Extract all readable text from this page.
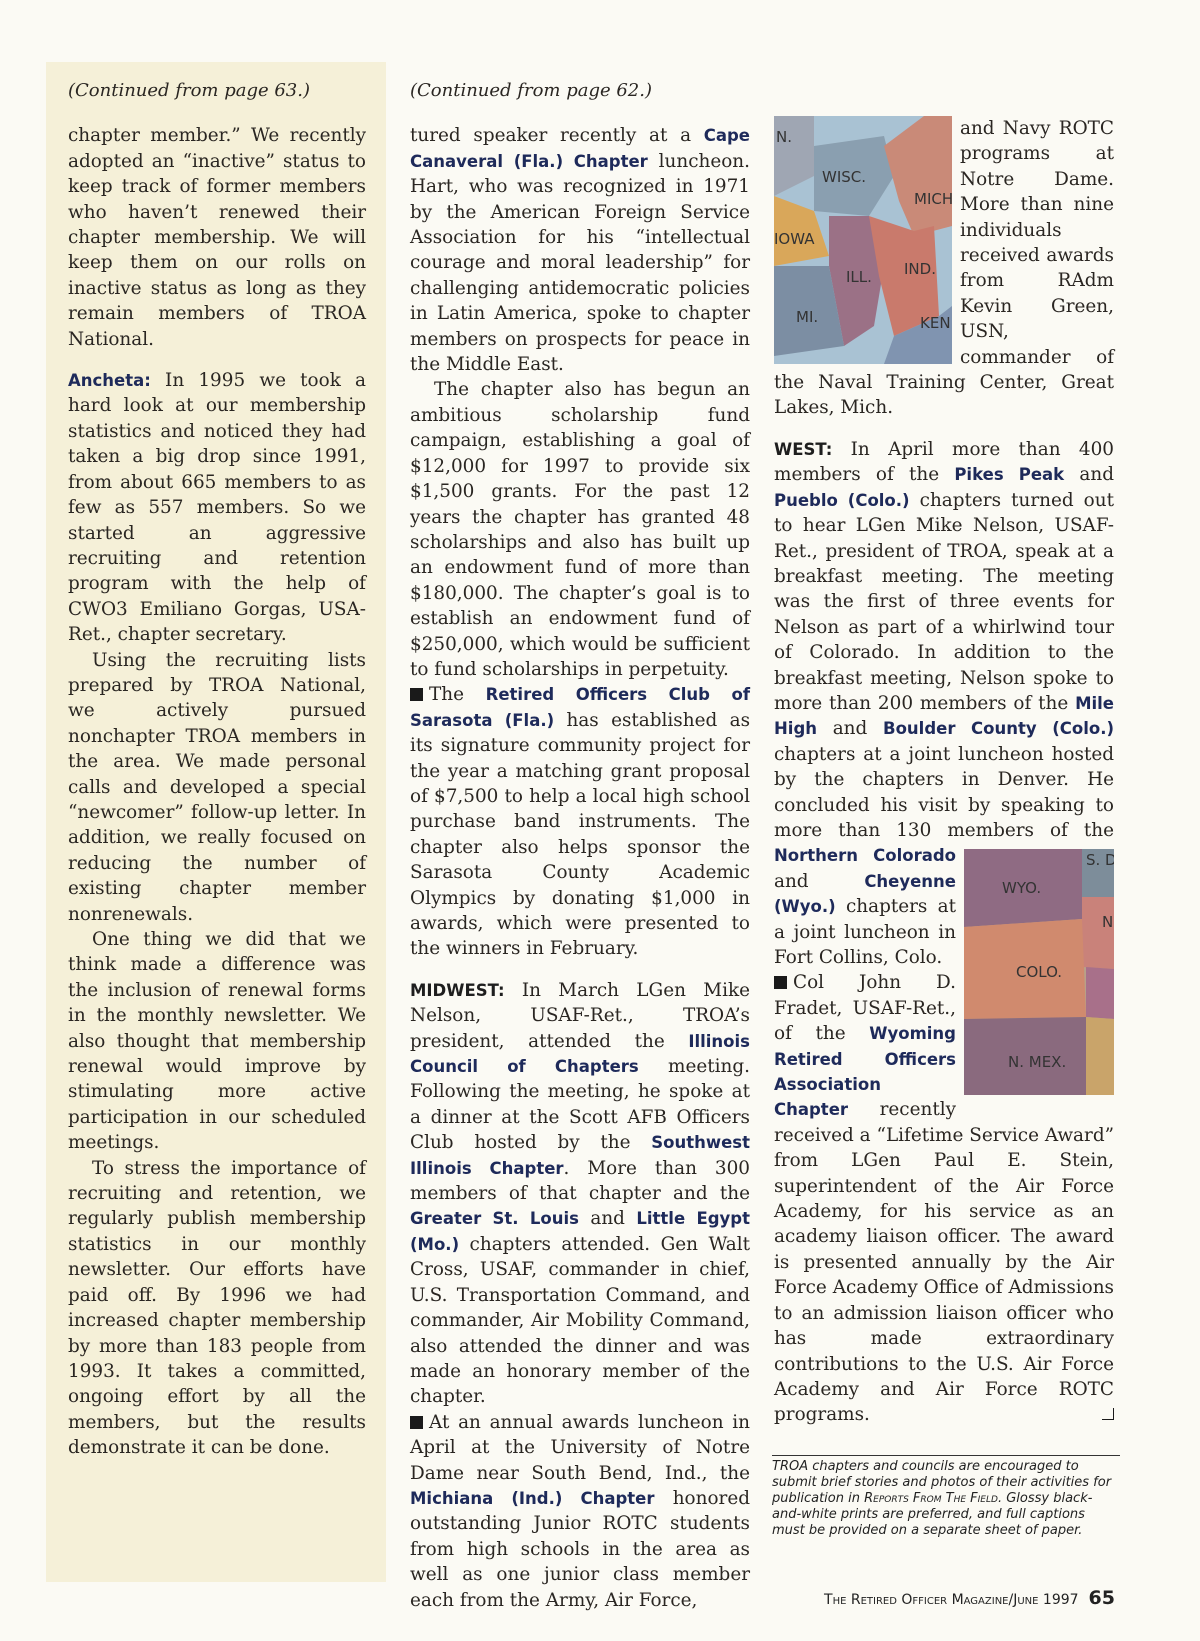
(Continued from page 63.)

chapter member.” We recently adopted an “inactive” status to keep track of former members who haven’t renewed their chapter membership. We will keep them on our rolls on inactive status as long as they remain members of TROA National.

Ancheta: In 1995 we took a hard look at our membership statistics and noticed they had taken a big drop since 1991, from about 665 members to as few as 557 members. So we started an aggressive recruiting and retention program with the help of CWO3 Emiliano Gorgas, USA-Ret., chapter secretary.

Using the recruiting lists prepared by TROA National, we actively pursued nonchapter TROA members in the area. We made personal calls and developed a special “newcomer” follow-up letter. In addition, we really focused on reducing the number of existing chapter member nonrenewals.

One thing we did that we think made a difference was the inclusion of renewal forms in the monthly newsletter. We also thought that membership renewal would improve by stimulating more active participation in our scheduled meetings.

To stress the importance of recruiting and retention, we regularly publish membership statistics in our monthly newsletter. Our efforts have paid off. By 1996 we had increased chapter membership by more than 183 people from 1993. It takes a committed, ongoing effort by all the members, but the results demonstrate it can be done.

(Continued from page 62.)

tured speaker recently at a Cape Canaveral (Fla.) Chapter luncheon. Hart, who was recognized in 1971 by the American Foreign Service Association for his “intellectual courage and moral leadership” for challenging antidemocratic policies in Latin America, spoke to chapter members on prospects for peace in the Middle East.

The chapter also has begun an ambitious scholarship fund campaign, establishing a goal of $12,000 for 1997 to provide six $1,500 grants. For the past 12 years the chapter has granted 48 scholarships and also has built up an endowment fund of more than $180,000. The chapter’s goal is to establish an endowment fund of $250,000, which would be sufficient to fund scholarships in perpetuity.

The Retired Officers Club of Sarasota (Fla.) has established as its signature community project for the year a matching grant proposal of $7,500 to help a local high school purchase band instruments. The chapter also helps sponsor the Sarasota County Academic Olympics by donating $1,000 in awards, which were presented to the winners in February.

MIDWEST: In March LGen Mike Nelson, USAF-Ret., TROA’s president, attended the Illinois Council of Chapters meeting. Following the meeting, he spoke at a dinner at the Scott AFB Officers Club hosted by the Southwest Illinois Chapter. More than 300 members of that chapter and the Greater St. Louis and Little Egypt (Mo.) chapters attended. Gen Walt Cross, USAF, commander in chief, U.S. Transportation Command, and commander, Air Mobility Command, also attended the dinner and was made an honorary member of the chapter.

At an annual awards luncheon in April at the University of Notre Dame near South Bend, Ind., the Michiana (Ind.) Chapter honored outstanding Junior ROTC students from high schools in the area as well as one junior class member each from the Army, Air Force,

N.
WISC.
MICH
IOWA
ILL. IND.
MI.	KEN

and Navy ROTC programs at Notre Dame. More than nine individuals received awards from RAdm Kevin Green, USN, commander of the Naval Training Center, Great Lakes, Mich.

WEST: In April more than 400 members of the Pikes Peak and Pueblo (Colo.) chapters turned out to hear LGen Mike Nelson, USAF-Ret., president of TROA, speak at a breakfast meeting. The meeting was the first of three events for Nelson as part of a whirlwind tour of Colorado. In addition to the breakfast meeting, Nelson spoke to more than 200 members of the Mile High and Boulder County (Colo.) chapters at a joint luncheon hosted by the chapters in Denver. He concluded his visit by speaking to more than 130 members of the
S. D
WYO.
N
COLO.
N. MEX.
Northern Colorado and Cheyenne (Wyo.) chapters at a joint luncheon in Fort Collins, Colo.

Col John D. Fradet, USAF-Ret., of the Wyoming Retired Officers Association Chapter recently received a “Lifetime Service Award” from LGen Paul E. Stein, superintendent of the Air Force Academy, for his service as an academy liaison officer. The award is presented annually by the Air Force Academy Office of Admissions to an admission liaison officer who has made extraordinary contributions to the U.S. Air Force Academy and Air Force ROTC programs.

TROA chapters and councils are encouraged to submit brief stories and photos of their activities for publication in Reports From The Field. Glossy black-and-white prints are preferred, and full captions must be provided on a separate sheet of paper.
The Retired Officer Magazine/June 1997 65
